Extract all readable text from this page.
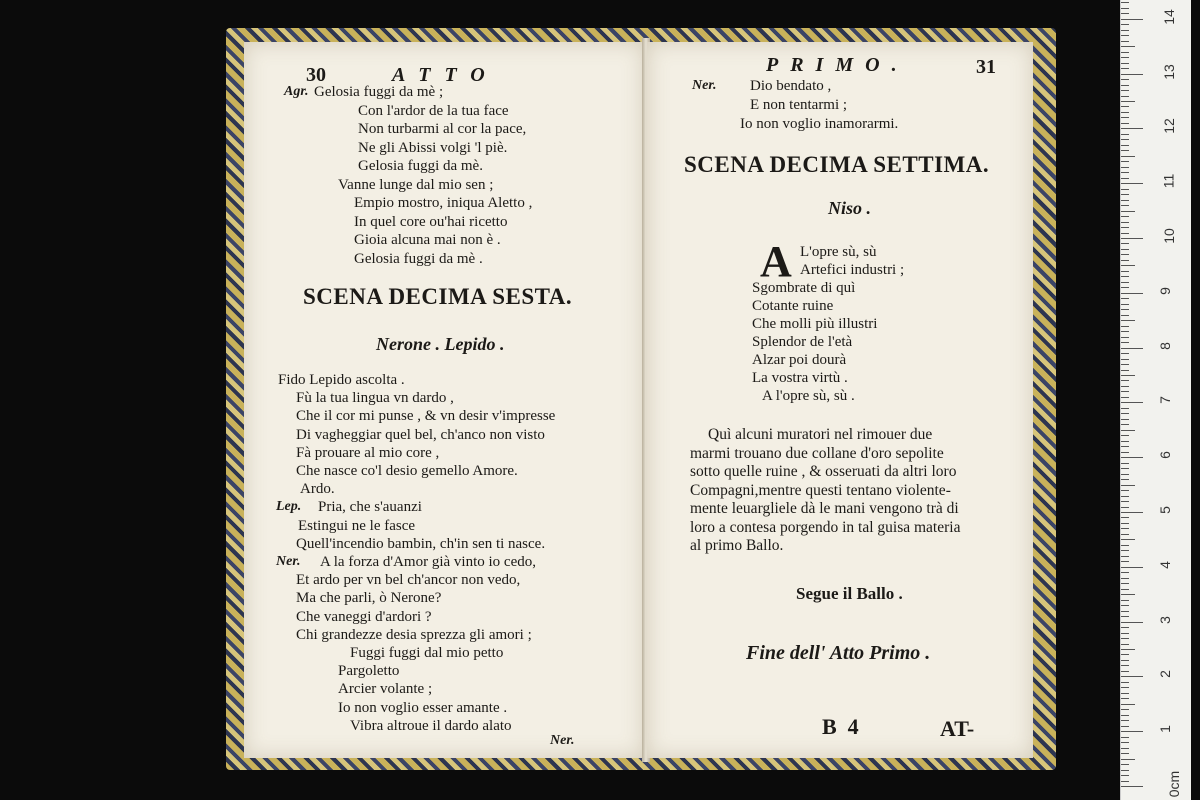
30	ATTO
Agr. Gelosia fuggi da mè ;
Con l'ardor de la tua face
Non turbarmi al cor la pace,
Ne gli Abissi volgi 'l piè.
Gelosia fuggi da mè.
Vanne lunge dal mio sen ;
Empio mostro, iniqua Aletto ,
In quel core ou'hai ricetto
Gioia alcuna mai non è .
Gelosia fuggi da mè .
SCENA DECIMA SESTA.
Nerone . Lepido .
Fido Lepido ascolta .
Fù la tua lingua vn dardo ,
Che il cor mi punse , & vn desir v'impresse
Di vagheggiar quel bel, ch'anco non visto
Fà prouare al mio core ,
Che nasce co'l desio gemello Amore.
Ardo.
Lep. Pria, che s'auanzi
Estingui ne le fasce
Quell'incendio bambin, ch'in sen ti nasce.
Ner. A la forza d'Amor già vinto io cedo,
Et ardo per vn bel ch'ancor non vedo,
Ma che parli, ò Nerone?
Che vaneggi d'ardori ?
Chi grandezze desia sprezza gli amori ;
Fuggi fuggi dal mio petto
Pargoletto
Arcier volante ;
Io non voglio esser amante .
Vibra altroue il dardo alato
Ner.
PRIMO.	31
Ner. Dio bendato ,
E non tentarmi ;
Io non voglio inamorarmi.
SCENA DECIMA SETTIMA.
Niso .
A L'opre sù, sù
Artefici industri ;
Sgombrate di quì
Cotante ruine
Che molli più illustri
Splendor de l'età
Alzar poi dourà
La vostra virtù .
A l'opre sù, sù .
Quì alcuni muratori nel rimouer due
marmi trouano due collane d'oro sepolite
sotto quelle ruine , & osseruati da altri loro
Compagni,mentre questi tentano violente-
mente leuargliele dà le mani vengono trà di
loro a contesa porgendo in tal guisa materia
al primo Ballo.
Segue il Ballo .
Fine dell' Atto Primo .
B  4	AT-
0cm
1
2
3
4
5
6
7
8
9
10
11
12
13
14
